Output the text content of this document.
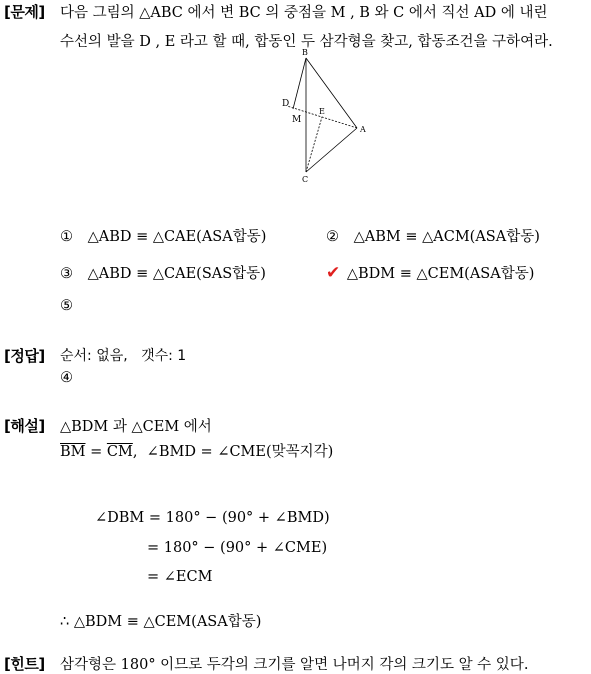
[문제] 다음 그림의 △ABC 에서 변 BC 의 중점을 M , B 와 C 에서 직선 AD 에 내린
수선의 발을 D , E 라고 할 때, 합동인 두 삼각형을 찾고, 합동조건을 구하여라.
B
D
E
M
A
C
① △ABD ≡ △CAE(ASA합동)	② △ABM ≡ △ACM(ASA합동)
③ △ABD ≡ △CAE(SAS합동)	✔ △BDM ≡ △CEM(ASA합동)
⑤
[정답] 순서: 없음,   갯수: 1
④
[해설] △BDM 과 △CEM 에서
$\overline{BM} = \overline{CM}$,  ∠BMD = ∠CME(맞꼭지각)
∠DBM = 180° − (90° + ∠BMD)
= 180° − (90° + ∠CME)
= ∠ECM
∴ △BDM ≡ △CEM(ASA합동)
[힌트] 삼각형은 180° 이므로 두각의 크기를 알면 나머지 각의 크기도 알 수 있다.
